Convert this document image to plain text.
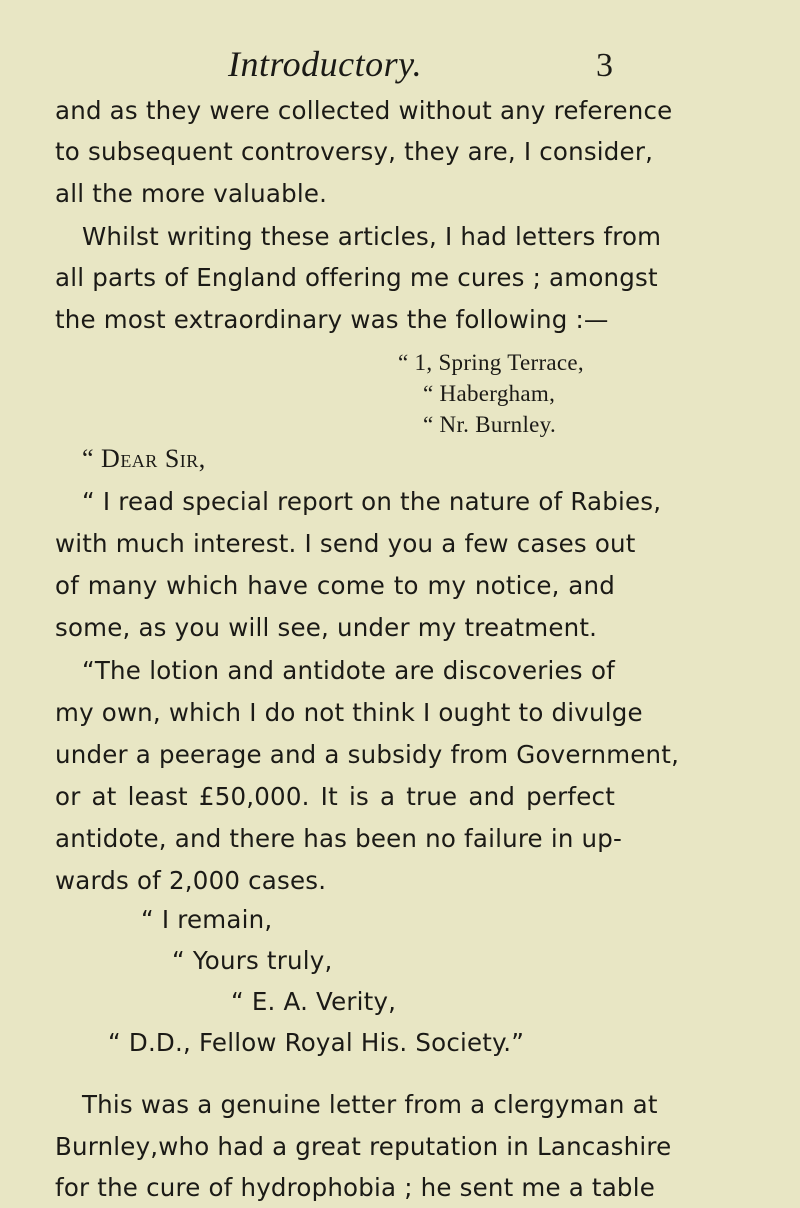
Introductory.	3
and as they were collected without any reference
to subsequent controversy, they are, I consider,
all the more valuable.
Whilst writing these articles, I had letters from
all parts of England offering me cures ; amongst
the most extraordinary was the following :—
“ 1, Spring Terrace,
“ Habergham,
“ Nr. Burnley.
“ Dear Sir,
“ I read special report on the nature of Rabies,
with much interest. I send you a few cases out
of many which have come to my notice, and
some, as you will see, under my treatment.
“The lotion and antidote are discoveries of
my own, which I do not think I ought to divulge
under a peerage and a subsidy from Government,
or at least £50,000. It is a true and perfect
antidote, and there has been no failure in up-
wards of 2,000 cases.
“ I remain,
“ Yours truly,
“ E. A. Verity,
“ D.D., Fellow Royal His. Society.”
This was a genuine letter from a clergyman at
Burnley,who had a great reputation in Lancashire
for the cure of hydrophobia ; he sent me a table
